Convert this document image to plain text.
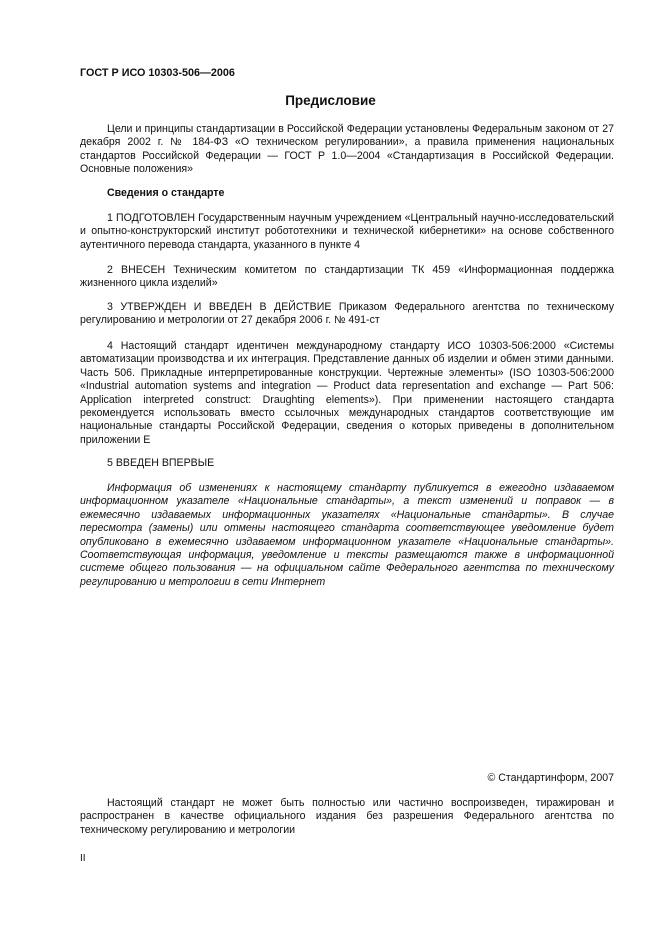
ГОСТ Р ИСО 10303-506—2006
Предисловие
Цели и принципы стандартизации в Российской Федерации установлены Федеральным законом от 27 декабря 2002 г. № 184-ФЗ «О техническом регулировании», а правила применения национальных стандартов Российской Федерации — ГОСТ Р 1.0—2004 «Стандартизация в Российской Федерации. Основные положения»
Сведения о стандарте
1 ПОДГОТОВЛЕН Государственным научным учреждением «Центральный научно-исследовательский и опытно-конструкторский институт робототехники и технической кибернетики» на основе собственного аутентичного перевода стандарта, указанного в пункте 4
2 ВНЕСЕН Техническим комитетом по стандартизации ТК 459 «Информационная поддержка жизненного цикла изделий»
3 УТВЕРЖДЕН И ВВЕДЕН В ДЕЙСТВИЕ Приказом Федерального агентства по техническому регулированию и метрологии от 27 декабря 2006 г. № 491-ст
4 Настоящий стандарт идентичен международному стандарту ИСО 10303-506:2000 «Системы автоматизации производства и их интеграция. Представление данных об изделии и обмен этими данными. Часть 506. Прикладные интерпретированные конструкции. Чертежные элементы» (ISO 10303-506:2000 «Industrial automation systems and integration — Product data representation and exchange — Part 506: Application interpreted construct: Draughting elements»). При применении настоящего стандарта рекомендуется использовать вместо ссылочных международных стандартов соответствующие им национальные стандарты Российской Федерации, сведения о которых приведены в дополнительном приложении Е
5 ВВЕДЕН ВПЕРВЫЕ
Информация об изменениях к настоящему стандарту публикуется в ежегодно издаваемом информационном указателе «Национальные стандарты», а текст изменений и поправок — в ежемесячно издаваемых информационных указателях «Национальные стандарты». В случае пересмотра (замены) или отмены настоящего стандарта соответствующее уведомление будет опубликовано в ежемесячно издаваемом информационном указателе «Национальные стандарты». Соответствующая информация, уведомление и тексты размещаются также в информационной системе общего пользования — на официальном сайте Федерального агентства по техническому регулированию и метрологии в сети Интернет
© Стандартинформ, 2007
Настоящий стандарт не может быть полностью или частично воспроизведен, тиражирован и распространен в качестве официального издания без разрешения Федерального агентства по техническому регулированию и метрологии
II
